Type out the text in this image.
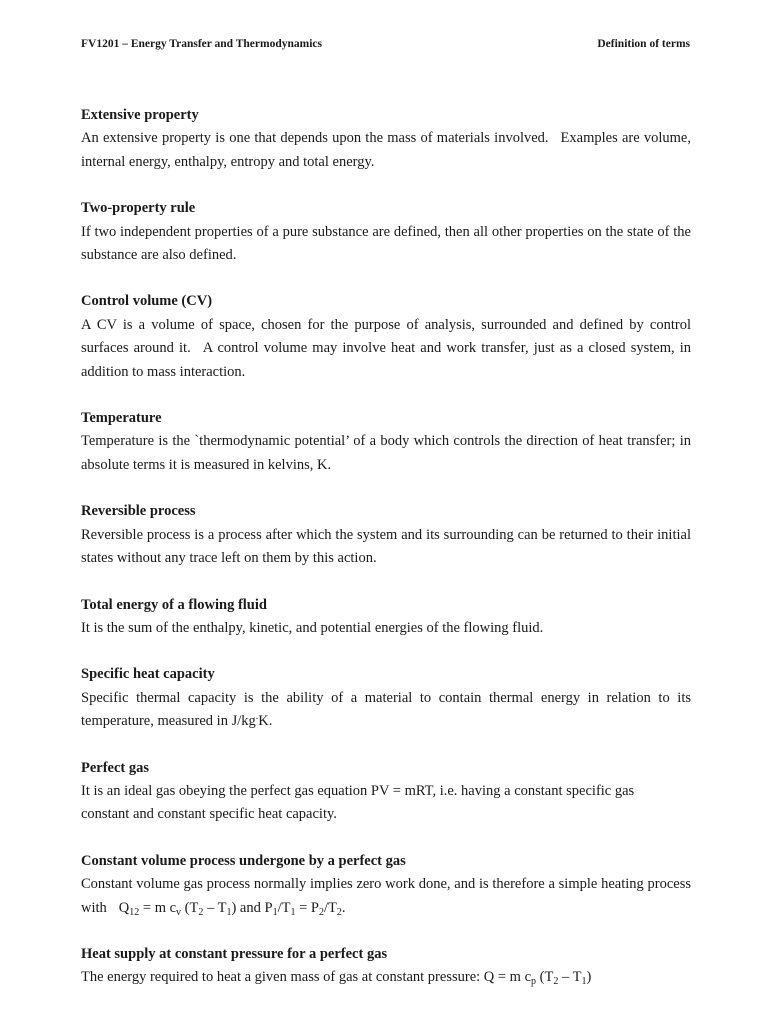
FV1201 – Energy Transfer and Thermodynamics	Definition of terms

Extensive property

An extensive property is one that depends upon the mass of materials involved. Examples are volume, internal energy, enthalpy, entropy and total energy.

Two-property rule

If two independent properties of a pure substance are defined, then all other properties on the state of the substance are also defined.

Control volume (CV)

A CV is a volume of space, chosen for the purpose of analysis, surrounded and defined by control surfaces around it. A control volume may involve heat and work transfer, just as a closed system, in addition to mass interaction.

Temperature

Temperature is the `thermodynamic potential’ of a body which controls the direction of heat transfer; in absolute terms it is measured in kelvins, K.

Reversible process

Reversible process is a process after which the system and its surrounding can be returned to their initial states without any trace left on them by this action.

Total energy of a flowing fluid

It is the sum of the enthalpy, kinetic, and potential energies of the flowing fluid.

Specific heat capacity

Specific thermal capacity is the ability of a material to contain thermal energy in relation to its temperature, measured in J/kg.K.

Perfect gas

It is an ideal gas obeying the perfect gas equation PV = mRT, i.e. having a constant specific gas
constant and constant specific heat capacity.

Constant volume process undergone by a perfect gas

Constant volume gas process normally implies zero work done, and is therefore a simple heating process with $Q_{12} = m$ $c_v$ $(T_2 - T_1)$ and $P_1/T_1 = P_2/T_2$.

Heat supply at constant pressure for a perfect gas

The energy required to heat a given mass of gas at constant pressure: Q = m $c_p$ $(T_2 - T_1)$
